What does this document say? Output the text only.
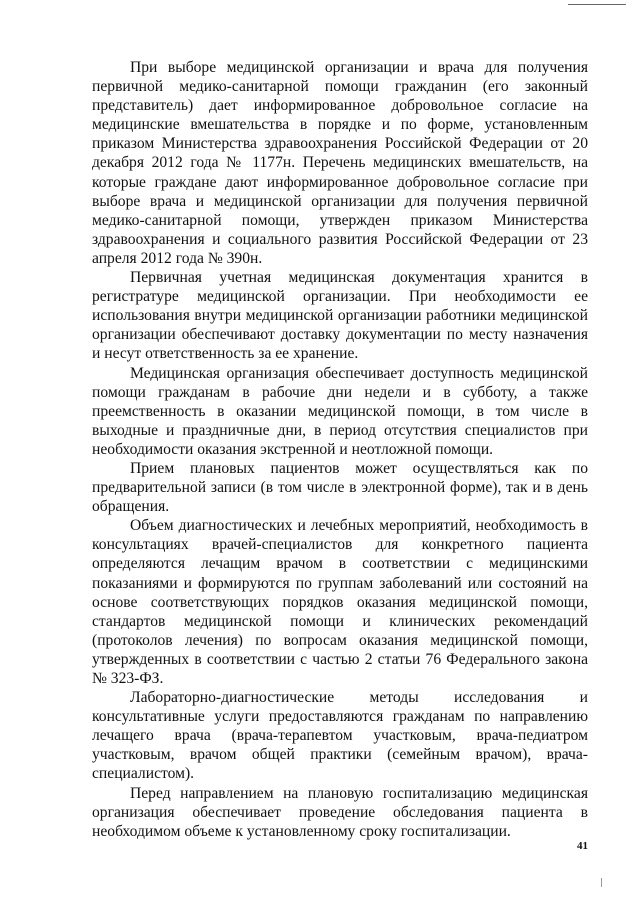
При выборе медицинской организации и врача для получения первичной медико-санитарной помощи гражданин (его законный представитель) дает информированное добровольное согласие на медицинские вмешательства в порядке и по форме, установленным приказом Министерства здравоохранения Российской Федерации от 20 декабря 2012 года № 1177н. Перечень медицинских вмешательств, на которые граждане дают информированное добровольное согласие при выборе врача и медицинской организации для получения первичной медико-санитарной помощи, утвержден приказом Министерства здравоохранения и социального развития Российской Федерации от 23 апреля 2012 года № 390н.

Первичная учетная медицинская документация хранится в регистратуре медицинской организации. При необходимости ее использования внутри медицинской организации работники медицинской организации обеспечивают доставку документации по месту назначения и несут ответственность за ее хранение.

Медицинская организация обеспечивает доступность медицинской помощи гражданам в рабочие дни недели и в субботу, а также преемственность в оказании медицинской помощи, в том числе в выходные и праздничные дни, в период отсутствия специалистов при необходимости оказания экстренной и неотложной помощи.

Прием плановых пациентов может осуществляться как по предварительной записи (в том числе в электронной форме), так и в день обращения.

Объем диагностических и лечебных мероприятий, необходимость в консультациях врачей-специалистов для конкретного пациента определяются лечащим врачом в соответствии с медицинскими показаниями и формируются по группам заболеваний или состояний на основе соответствующих порядков оказания медицинской помощи, стандартов медицинской помощи и клинических рекомендаций (протоколов лечения) по вопросам оказания медицинской помощи, утвержденных в соответствии с частью 2 статьи 76 Федерального закона № 323-ФЗ.

Лабораторно-диагностические методы исследования и консультативные услуги предоставляются гражданам по направлению лечащего врача (врача-терапевтом участковым, врача-педиатром участковым, врачом общей практики (семейным врачом), врача-специалистом).

Перед направлением на плановую госпитализацию медицинская организация обеспечивает проведение обследования пациента в необходимом объеме к установленному сроку госпитализации.

41
